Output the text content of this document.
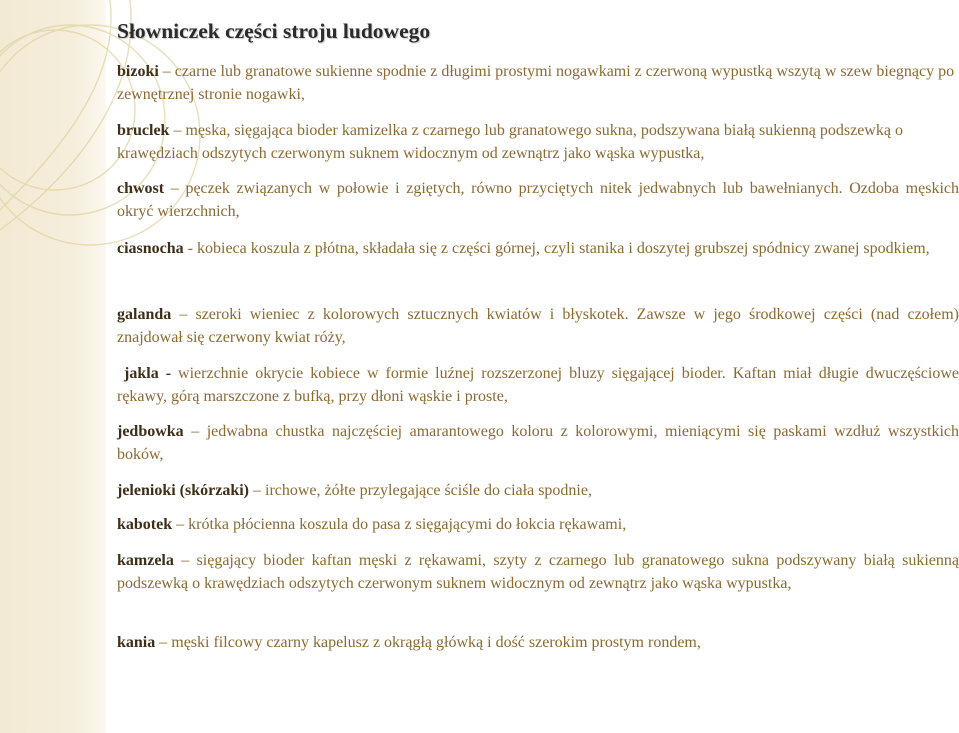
Słowniczek części stroju ludowego

bizoki – czarne lub granatowe sukienne spodnie z długimi prostymi nogawkami z czerwoną wypustką wszytą w szew biegnący po zewnętrznej stronie nogawki,

bruclek – męska, sięgająca bioder kamizelka z czarnego lub granatowego sukna, podszywana białą sukienną podszewką o krawędziach odszytych czerwonym suknem widocznym od zewnątrz jako wąska wypustka,

chwost – pęczek związanych w połowie i zgiętych, równo przyciętych nitek jedwabnych lub bawełnianych. Ozdoba męskich okryć wierzchnich,

ciasnocha - kobieca koszula z płótna, składała się z części górnej, czyli stanika i doszytej grubszej spódnicy zwanej spodkiem,

galanda – szeroki wieniec z kolorowych sztucznych kwiatów i błyskotek. Zawsze w jego środkowej części (nad czołem) znajdował się czerwony kwiat róży,

jakla - wierzchnie okrycie kobiece w formie luźnej rozszerzonej bluzy sięgającej bioder. Kaftan miał długie dwuczęściowe rękawy, górą marszczone z bufką, przy dłoni wąskie i proste,

jedbowka – jedwabna chustka najczęściej amarantowego koloru z kolorowymi, mieniącymi się paskami wzdłuż wszystkich boków,

jelenioki (skórzaki) – irchowe, żółte przylegające ściśle do ciała spodnie,

kabotek – krótka płócienna koszula do pasa z sięgającymi do łokcia rękawami,

kamzela – sięgający bioder kaftan męski z rękawami, szyty z czarnego lub granatowego sukna podszywany białą sukienną podszewką o krawędziach odszytych czerwonym suknem widocznym od zewnątrz jako wąska wypustka,

kania – męski filcowy czarny kapelusz z okrągłą główką i dość szerokim prostym rondem,
